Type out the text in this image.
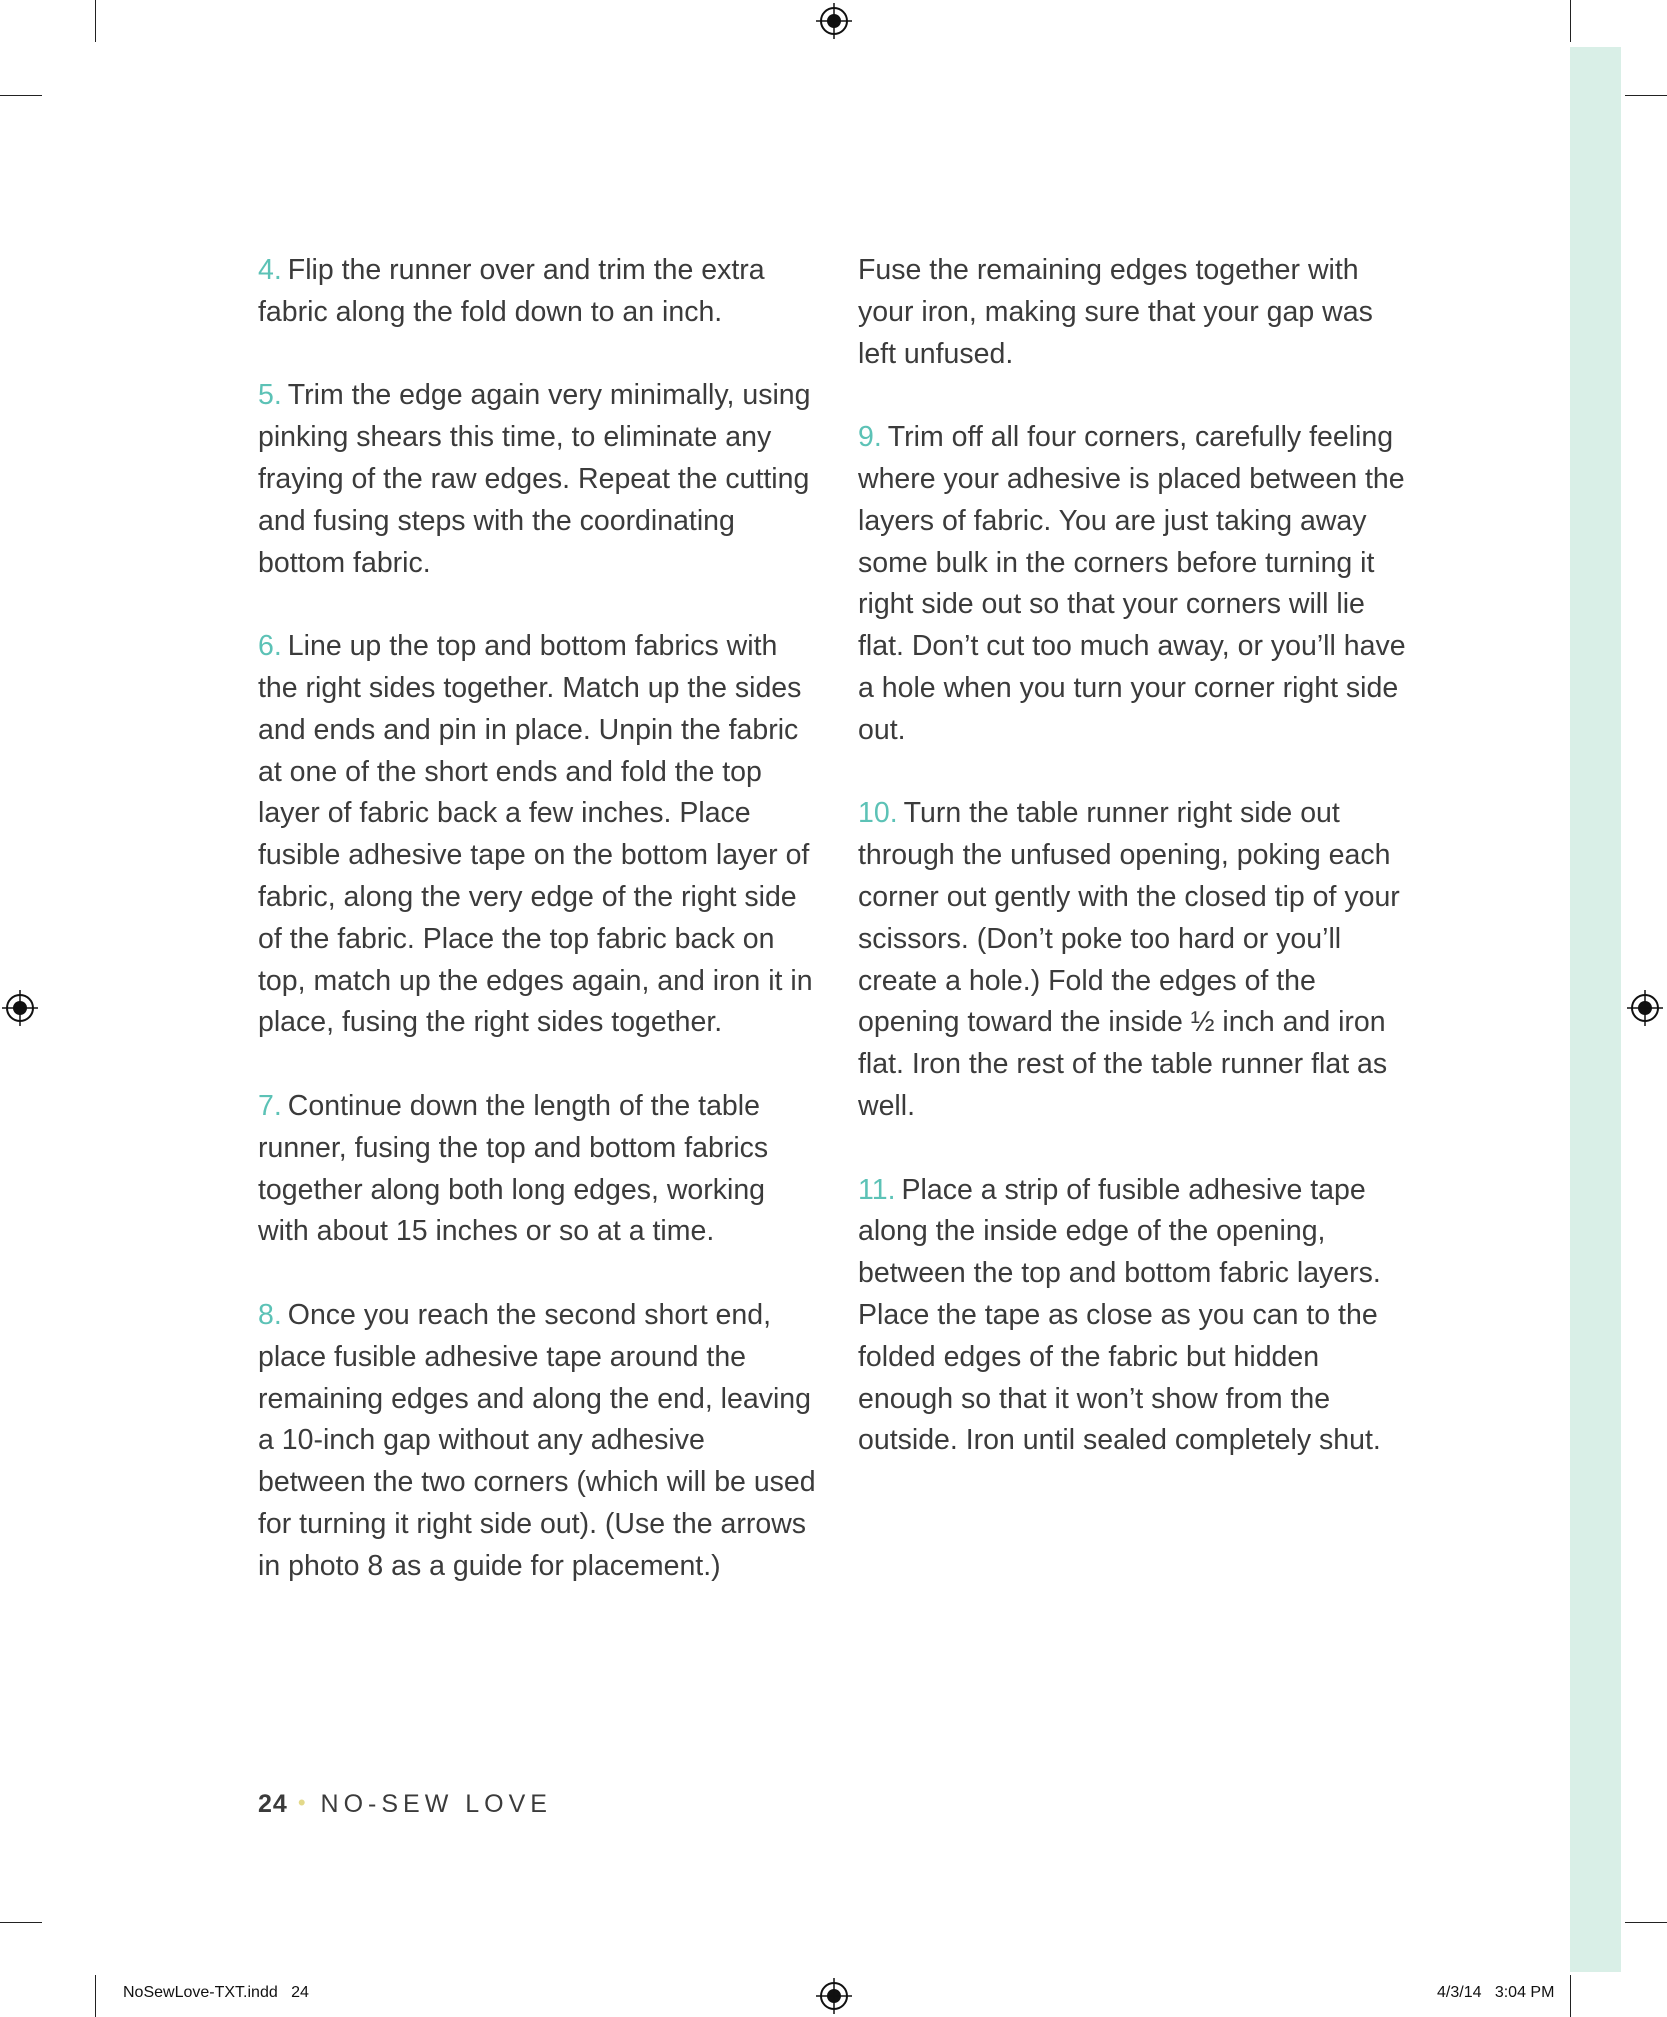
4. Flip the runner over and trim the extra fabric along the fold down to an inch.

5. Trim the edge again very minimally, using pinking shears this time, to eliminate any fraying of the raw edges. Repeat the cutting and fusing steps with the coordinating bottom fabric.

6. Line up the top and bottom fabrics with the right sides together. Match up the sides and ends and pin in place. Unpin the fabric at one of the short ends and fold the top layer of fabric back a few inches. Place fusible adhesive tape on the bottom layer of fabric, along the very edge of the right side of the fabric. Place the top fabric back on top, match up the edges again, and iron it in place, fusing the right sides together.

7. Continue down the length of the table runner, fusing the top and bottom fabrics together along both long edges, working with about 15 inches or so at a time.

8. Once you reach the second short end, place fusible adhesive tape around the remaining edges and along the end, leaving a 10-inch gap without any adhesive between the two corners (which will be used for turning it right side out). (Use the arrows in photo 8 as a guide for placement.)

Fuse the remaining edges together with your iron, making sure that your gap was left unfused.

9. Trim off all four corners, carefully feeling where your adhesive is placed between the layers of fabric. You are just taking away some bulk in the corners before turning it right side out so that your corners will lie flat. Don’t cut too much away, or you’ll have a hole when you turn your corner right side out.

10. Turn the table runner right side out through the unfused opening, poking each corner out gently with the closed tip of your scissors. (Don’t poke too hard or you’ll create a hole.) Fold the edges of the opening toward the inside ½ inch and iron flat. Iron the rest of the table runner flat as well.

11. Place a strip of fusible adhesive tape along the inside edge of the opening, between the top and bottom fabric layers. Place the tape as close as you can to the folded edges of the fabric but hidden enough so that it won’t show from the outside. Iron until sealed completely shut.

24 • NO-SEW LOVE
NoSewLove-TXT.indd   24	4/3/14   3:04 PM
